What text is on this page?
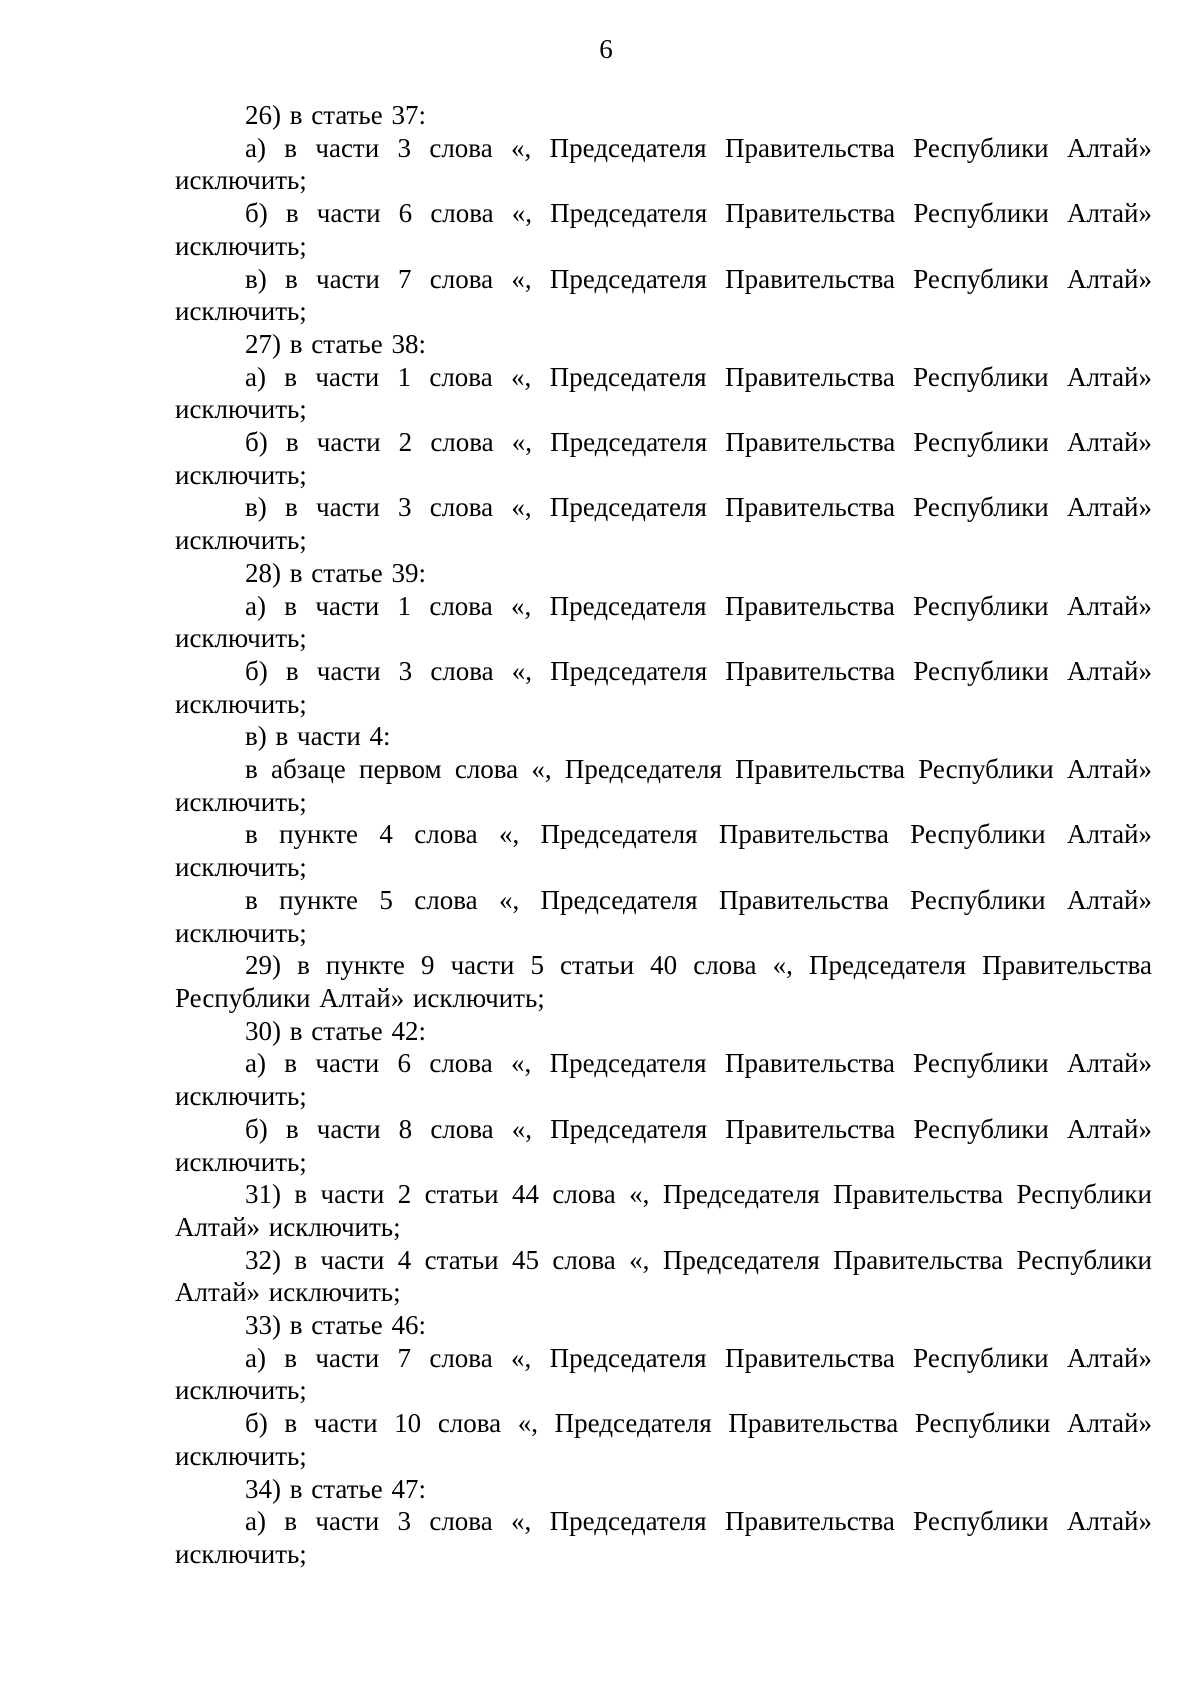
6

26) в статье 37:

а) в части 3 слова «, Председателя Правительства Республики Алтай» исключить;

б) в части 6 слова «, Председателя Правительства Республики Алтай» исключить;

в) в части 7 слова «, Председателя Правительства Республики Алтай» исключить;

27) в статье 38:

а) в части 1 слова «, Председателя Правительства Республики Алтай» исключить;

б) в части 2 слова «, Председателя Правительства Республики Алтай» исключить;

в) в части 3 слова «, Председателя Правительства Республики Алтай» исключить;

28) в статье 39:

а) в части 1 слова «, Председателя Правительства Республики Алтай» исключить;

б) в части 3 слова «, Председателя Правительства Республики Алтай» исключить;

в) в части 4:

в абзаце первом слова «, Председателя Правительства Республики Алтай» исключить;

в пункте 4 слова «, Председателя Правительства Республики Алтай» исключить;

в пункте 5 слова «, Председателя Правительства Республики Алтай» исключить;

29) в пункте 9 части 5 статьи 40 слова «, Председателя Правительства Республики Алтай» исключить;

30) в статье 42:

а) в части 6 слова «, Председателя Правительства Республики Алтай» исключить;

б) в части 8 слова «, Председателя Правительства Республики Алтай» исключить;

31) в части 2 статьи 44 слова «, Председателя Правительства Республики Алтай» исключить;

32) в части 4 статьи 45 слова «, Председателя Правительства Республики Алтай» исключить;

33) в статье 46:

а) в части 7 слова «, Председателя Правительства Республики Алтай» исключить;

б) в части 10 слова «, Председателя Правительства Республики Алтай» исключить;

34) в статье 47:

а) в части 3 слова «, Председателя Правительства Республики Алтай» исключить;
